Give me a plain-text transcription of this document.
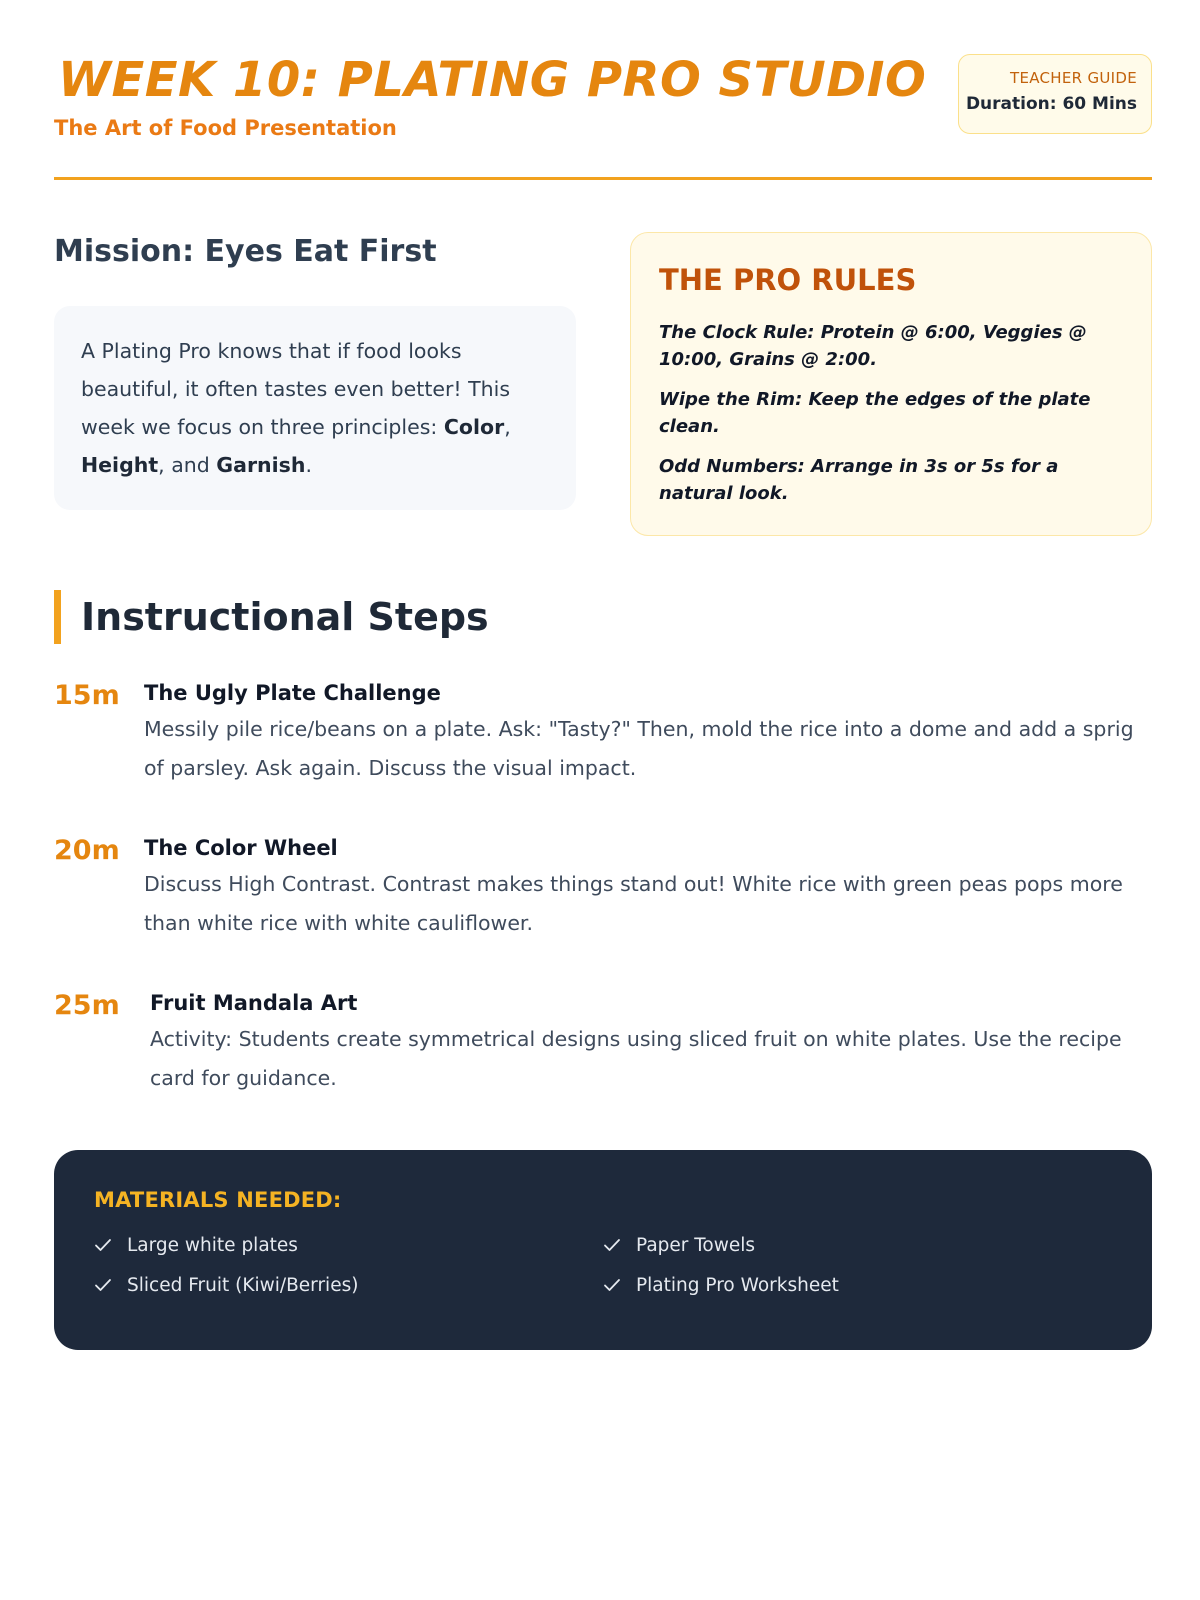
WEEK 10: PLATING PRO STUDIO
The Art of Food Presentation
TEACHER GUIDE
Duration: 60 Mins
Mission: Eyes Eat First
A Plating Pro knows that if food looks beautiful, it often tastes even better! This week we focus on three principles: Color, Height, and Garnish.
THE PRO RULES
The Clock Rule: Protein @ 6:00, Veggies @ 10:00, Grains @ 2:00.
Wipe the Rim: Keep the edges of the plate clean.
Odd Numbers: Arrange in 3s or 5s for a natural look.
Instructional Steps
15m The Ugly Plate Challenge
Messily pile rice/beans on a plate. Ask: "Tasty?" Then, mold the rice into a dome and add a sprig of parsley. Ask again. Discuss the visual impact.
20m The Color Wheel
Discuss High Contrast. Contrast makes things stand out! White rice with green peas pops more than white rice with white cauliflower.
25m Fruit Mandala Art
Activity: Students create symmetrical designs using sliced fruit on white plates. Use the recipe card for guidance.
MATERIALS NEEDED:
Large white plates	Paper Towels
Sliced Fruit (Kiwi/Berries)	Plating Pro Worksheet
